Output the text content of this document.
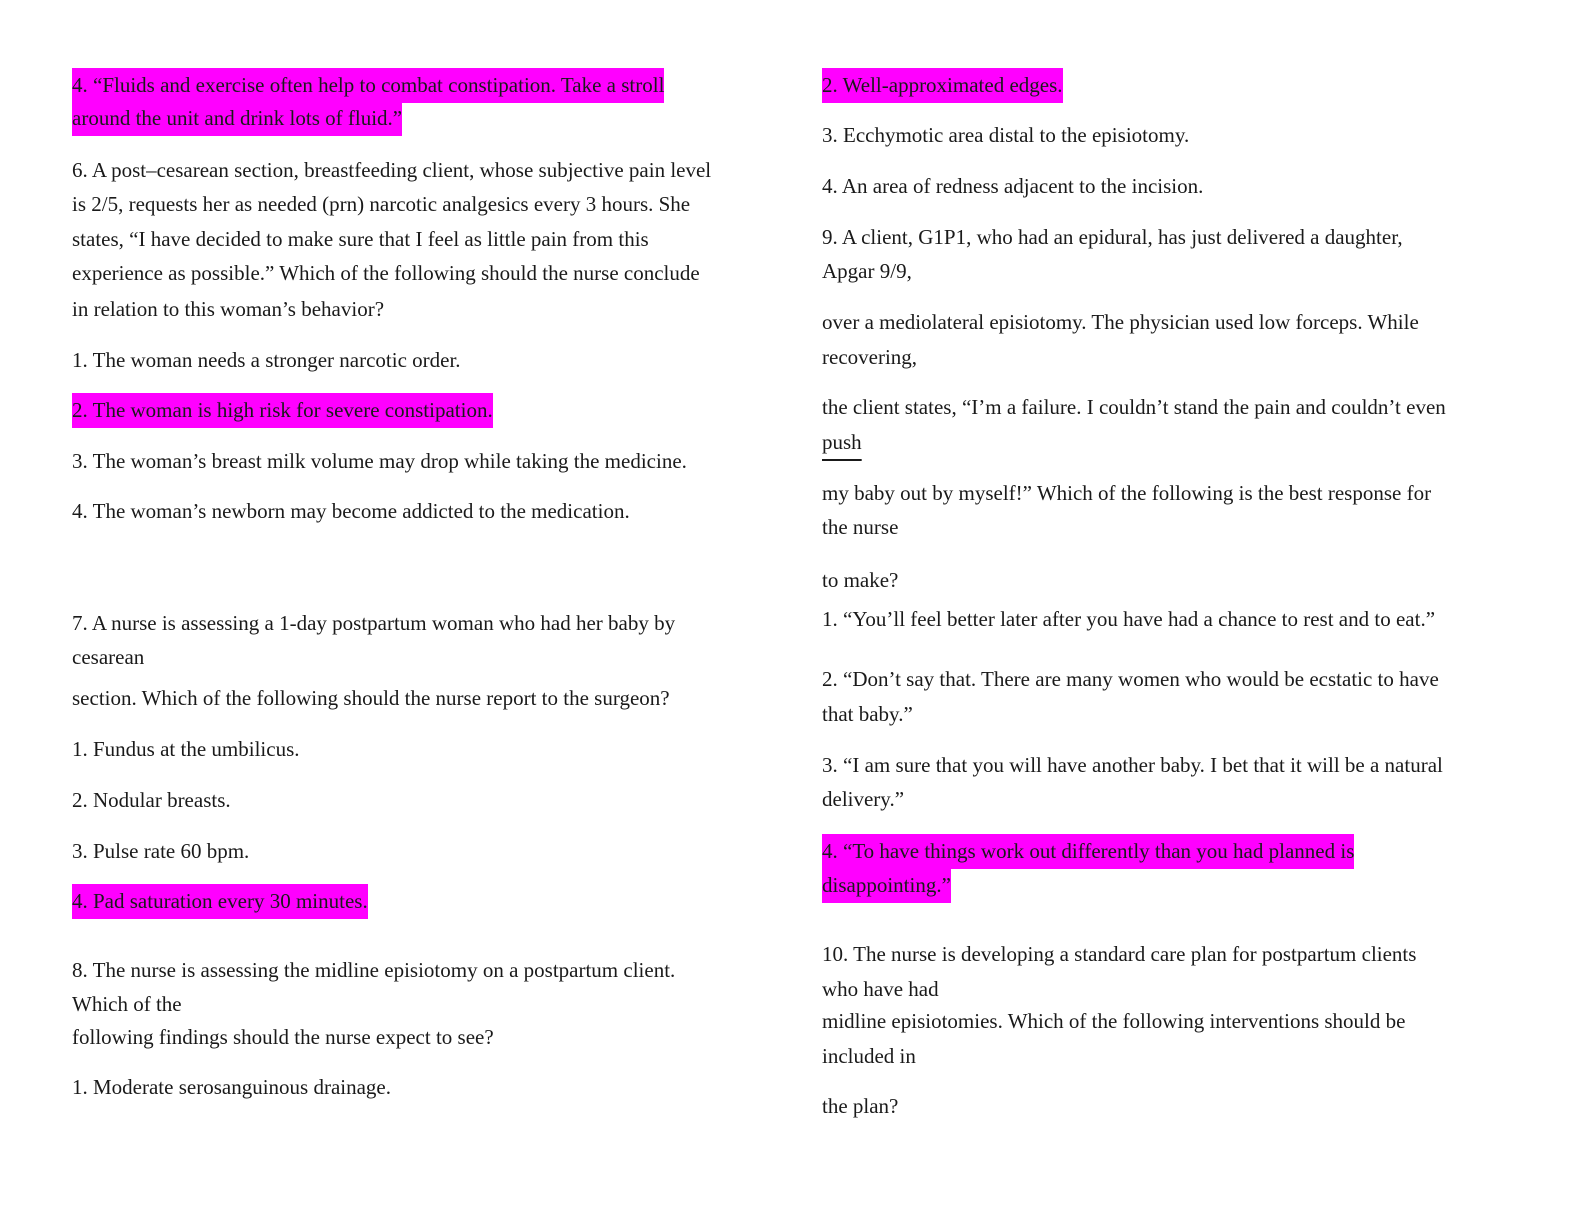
4. “Fluids and exercise often help to combat constipation. Take a stroll
around the unit and drink lots of fluid.”
6. A post–cesarean section, breastfeeding client, whose subjective pain level
is 2/5, requests her as needed (prn) narcotic analgesics every 3 hours. She
states, “I have decided to make sure that I feel as little pain from this
experience as possible.” Which of the following should the nurse conclude
in relation to this woman’s behavior?
1. The woman needs a stronger narcotic order.
2. The woman is high risk for severe constipation.
3. The woman’s breast milk volume may drop while taking the medicine.
4. The woman’s newborn may become addicted to the medication.
7. A nurse is assessing a 1-day postpartum woman who had her baby by
cesarean
section. Which of the following should the nurse report to the surgeon?
1. Fundus at the umbilicus.
2. Nodular breasts.
3. Pulse rate 60 bpm.
4. Pad saturation every 30 minutes.
8. The nurse is assessing the midline episiotomy on a postpartum client.
Which of the
following findings should the nurse expect to see?
1. Moderate serosanguinous drainage.
2. Well-approximated edges.
3. Ecchymotic area distal to the episiotomy.
4. An area of redness adjacent to the incision.
9. A client, G1P1, who had an epidural, has just delivered a daughter,
Apgar 9/9,
over a mediolateral episiotomy. The physician used low forceps. While
recovering,
the client states, “I’m a failure. I couldn’t stand the pain and couldn’t even
push
my baby out by myself!” Which of the following is the best response for
the nurse
to make?
1. “You’ll feel better later after you have had a chance to rest and to eat.”
2. “Don’t say that. There are many women who would be ecstatic to have
that baby.”
3. “I am sure that you will have another baby. I bet that it will be a natural
delivery.”
4. “To have things work out differently than you had planned is
disappointing.”
10. The nurse is developing a standard care plan for postpartum clients
who have had
midline episiotomies. Which of the following interventions should be
included in
the plan?
